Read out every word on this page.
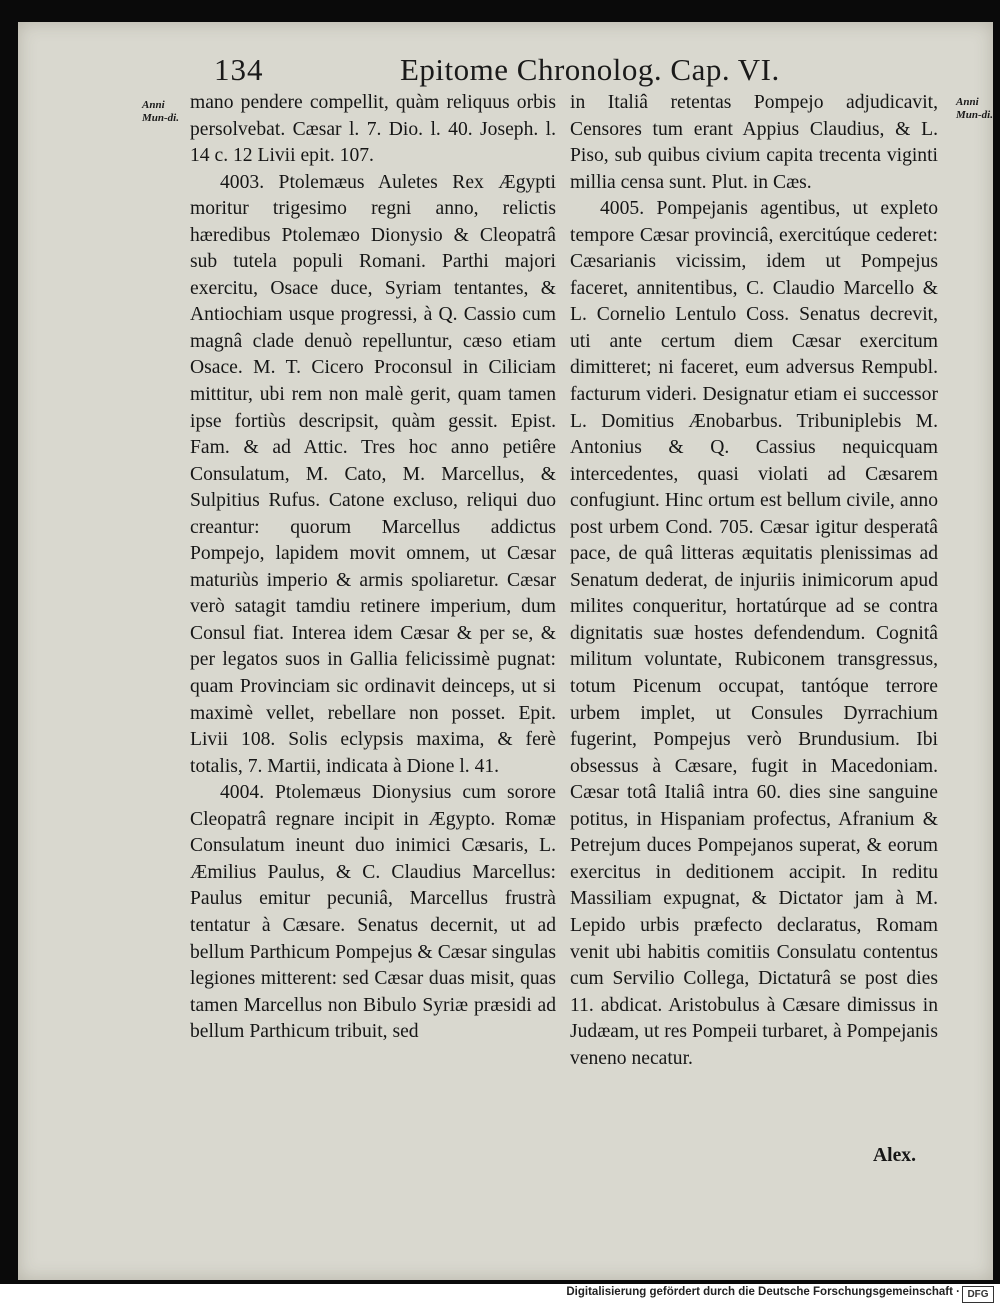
134	Epitome Chronolog. Cap. VI.
Anni Mun-di.
Anni Mun-di.

mano pendere compellit, quàm reliquus orbis persolvebat. Cæsar l. 7. Dio. l. 40. Joseph. l. 14 c. 12 Livii epit. 107.

4003. Ptolemæus Auletes Rex Ægypti moritur trigesimo regni anno, relictis hæredibus Ptolemæo Dionysio & Cleopatrâ sub tutela populi Romani. Parthi majori exercitu, Osace duce, Syriam tentantes, & Antiochiam usque progressi, à Q. Cassio cum magnâ clade denuò repelluntur, cæso etiam Osace. M. T. Cicero Proconsul in Ciliciam mittitur, ubi rem non malè gerit, quam tamen ipse fortiùs descripsit, quàm gessit. Epist. Fam. & ad Attic. Tres hoc anno petiêre Consulatum, M. Cato, M. Marcellus, & Sulpitius Rufus. Catone excluso, reliqui duo creantur: quorum Marcellus addictus Pompejo, lapidem movit omnem, ut Cæsar maturiùs imperio & armis spoliaretur. Cæsar verò satagit tamdiu retinere imperium, dum Consul fiat. Interea idem Cæsar & per se, & per legatos suos in Gallia felicissimè pugnat: quam Provinciam sic ordinavit deinceps, ut si maximè vellet, rebellare non posset. Epit. Livii 108. Solis eclypsis maxima, & ferè totalis, 7. Martii, indicata à Dione l. 41.

4004. Ptolemæus Dionysius cum sorore Cleopatrâ regnare incipit in Ægypto. Romæ Consulatum ineunt duo inimici Cæsaris, L. Æmilius Paulus, & C. Claudius Marcellus: Paulus emitur pecuniâ, Marcellus frustrà tentatur à Cæsare. Senatus decernit, ut ad bellum Parthicum Pompejus & Cæsar singulas legiones mitterent: sed Cæsar duas misit, quas tamen Marcellus non Bibulo Syriæ præsidi ad bellum Parthicum tribuit, sed

in Italiâ retentas Pompejo adjudicavit, Censores tum erant Appius Claudius, & L. Piso, sub quibus civium capita trecenta viginti millia censa sunt. Plut. in Cæs.

4005. Pompejanis agentibus, ut expleto tempore Cæsar provinciâ, exercitúque cederet: Cæsarianis vicissim, idem ut Pompejus faceret, annitentibus, C. Claudio Marcello & L. Cornelio Lentulo Coss. Senatus decrevit, uti ante certum diem Cæsar exercitum dimitteret; ni faceret, eum adversus Rempubl. facturum videri. Designatur etiam ei successor L. Domitius Ænobarbus. Tribuniplebis M. Antonius & Q. Cassius nequicquam intercedentes, quasi violati ad Cæsarem confugiunt. Hinc ortum est bellum civile, anno post urbem Cond. 705. Cæsar igitur desperatâ pace, de quâ litteras æquitatis plenissimas ad Senatum dederat, de injuriis inimicorum apud milites conqueritur, hortatúrque ad se contra dignitatis suæ hostes defendendum. Cognitâ militum voluntate, Rubiconem transgressus, totum Picenum occupat, tantóque terrore urbem implet, ut Consules Dyrrachium fugerint, Pompejus verò Brundusium. Ibi obsessus à Cæsare, fugit in Macedoniam. Cæsar totâ Italiâ intra 60. dies sine sanguine potitus, in Hispaniam profectus, Afranium & Petrejum duces Pompejanos superat, & eorum exercitus in deditionem accipit. In reditu Massiliam expugnat, & Dictator jam à M. Lepido urbis præfecto declaratus, Romam venit ubi habitis comitiis Consulatu contentus cum Servilio Collega, Dictaturâ se post dies 11. abdicat. Aristobulus à Cæsare dimissus in Judæam, ut res Pompeii turbaret, à Pompejanis veneno necatur.

Alex.
Digitalisierung gefördert durch die Deutsche Forschungsgemeinschaft · DFG
